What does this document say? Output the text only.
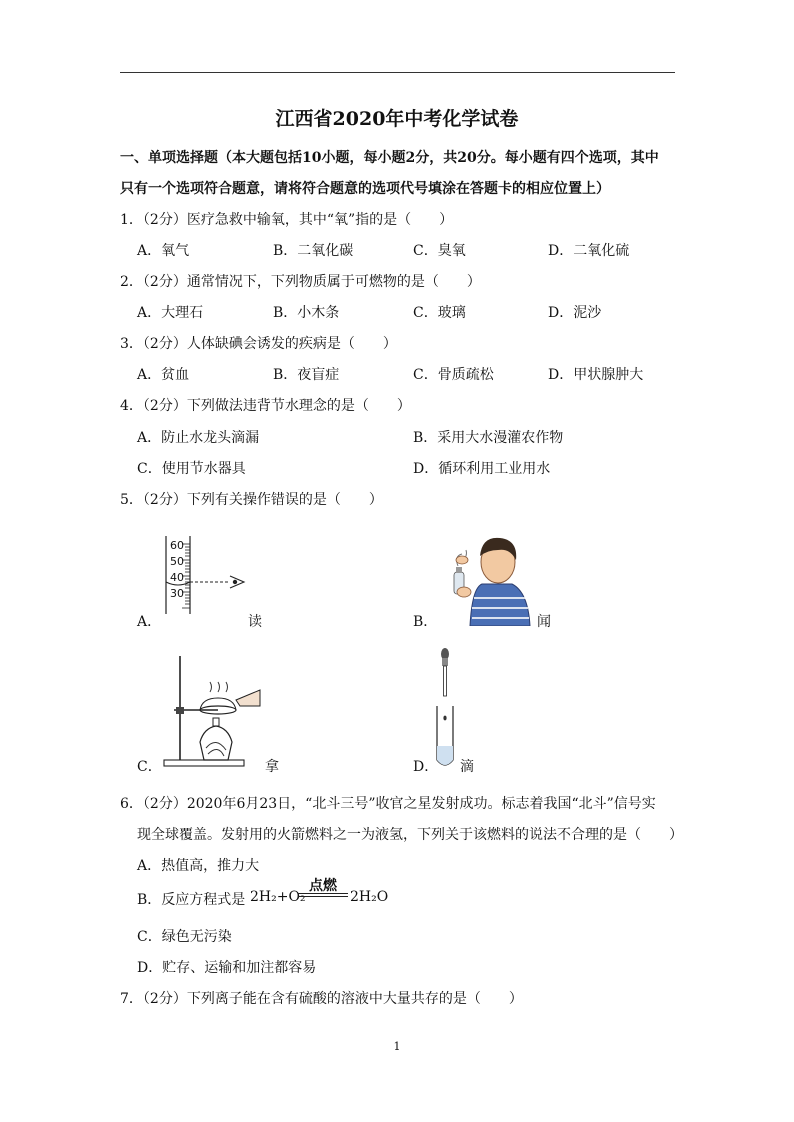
江西省2020年中考化学试卷
一、单项选择题（本大题包括10小题，每小题2分，共20分。每小题有四个选项，其中
只有一个选项符合题意，请将符合题意的选项代号填涂在答题卡的相应位置上）
1．（2分）医疗急救中输氧，其中“氧”指的是（　　）
A．氧气	B．二氧化碳	C．臭氧	D．二氧化硫
2．（2分）通常情况下，下列物质属于可燃物的是（　　）
A．大理石	B．小木条	C．玻璃	D．泥沙
3．（2分）人体缺碘会诱发的疾病是（　　）
A．贫血	B．夜盲症	C．骨质疏松	D．甲状腺肿大
4．（2分）下列做法违背节水理念的是（　　）
A．防止水龙头滴漏	B．采用大水漫灌农作物
C．使用节水器具	D．循环利用工业用水
5．（2分）下列有关操作错误的是（　　）
A．
60
50
40
30
读	B．	闻
C．	拿	D． 滴
6．（2分）2020年6月23日，“北斗三号”收官之星发射成功。标志着我国“北斗”信号实
现全球覆盖。发射用的火箭燃料之一为液氢，下列关于该燃料的说法不合理的是（　　）
A．热值高，推力大
B．反应方程式是 2H₂+O₂
点燃
2H₂O
C．绿色无污染
D．贮存、运输和加注都容易
7．（2分）下列离子能在含有硫酸的溶液中大量共存的是（　　）
1
